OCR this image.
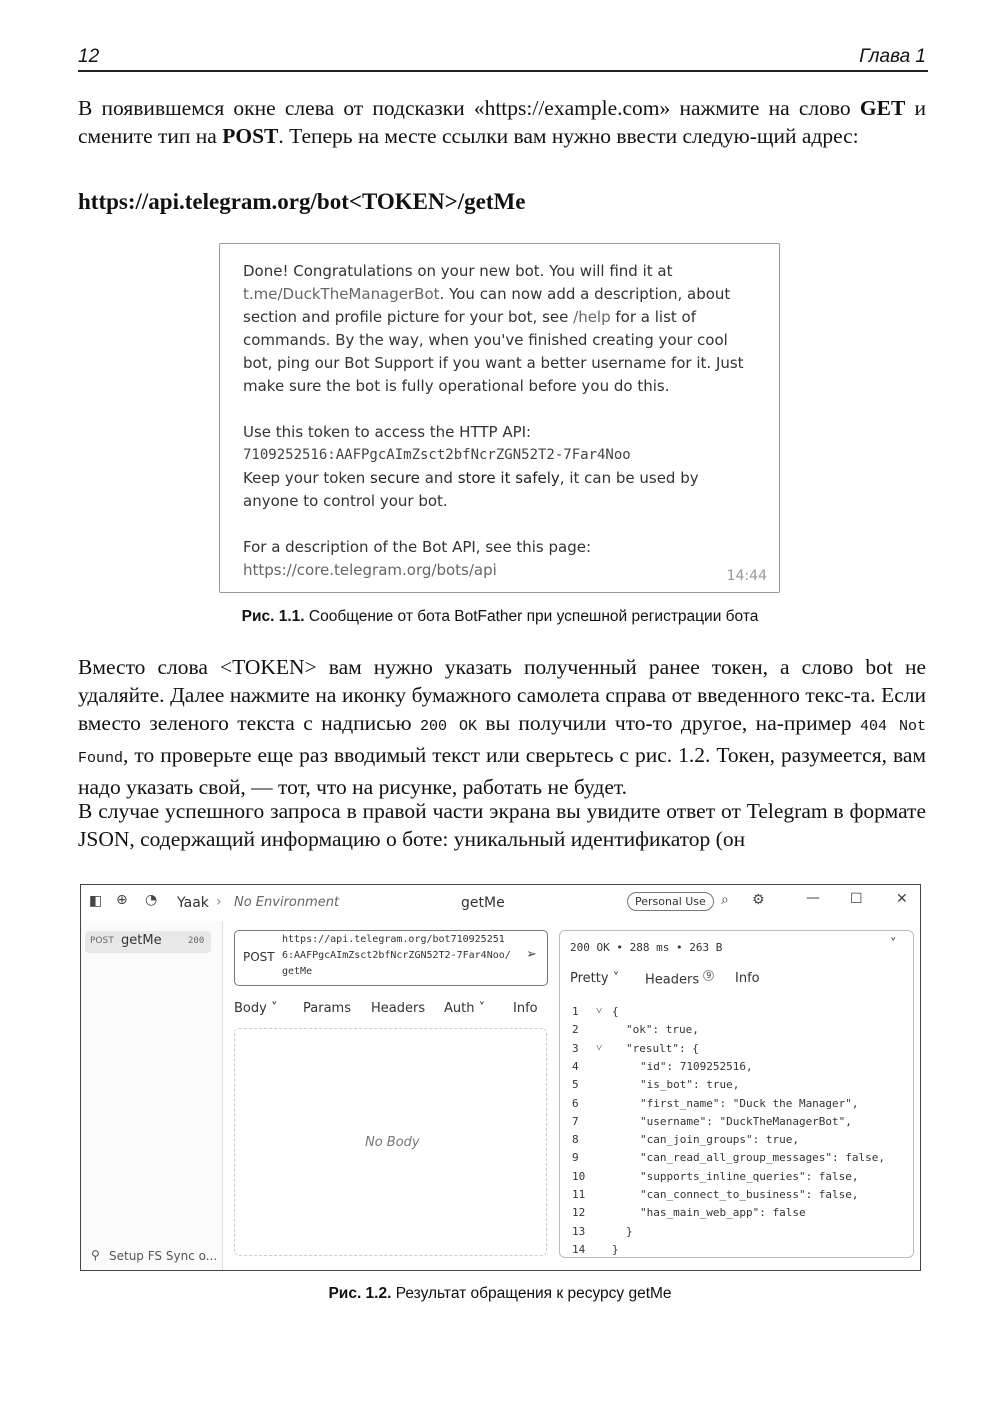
12	Глава 1

В появившемся окне слева от подсказки «https://example.com» нажмите на слово GET и смените тип на POST. Теперь на месте ссылки вам нужно ввести следую-щий адрес:

https://api.telegram.org/bot<TOKEN>/getMe
Done! Congratulations on your new bot. You will find it at
t.me/DuckTheManagerBot. You can now add a description, about
section and profile picture for your bot, see /help for a list of
commands. By the way, when you've finished creating your cool
bot, ping our Bot Support if you want a better username for it. Just
make sure the bot is fully operational before you do this.
Use this token to access the HTTP API:
7109252516:AAFPgcAImZsct2bfNcrZGN52T2-7Far4Noo
Keep your token secure and store it safely, it can be used by
anyone to control your bot.
For a description of the Bot API, see this page:
https://core.telegram.org/bots/api	14:44
Рис. 1.1. Сообщение от бота BotFather при успешной регистрации бота

Вместо слова <TOKEN> вам нужно указать полученный ранее токен, а слово bot не удаляйте. Далее нажмите на иконку бумажного самолета справа от введенного текс-та. Если вместо зеленого текста с надписью 200 OK вы получили что-то другое, на-пример 404 Not Found, то проверьте еще раз вводимый текст или сверьтесь с рис. 1.2. Токен, разумеется, вам надо указать свой, — тот, что на рисунке, работать не будет.

В случае успешного запроса в правой части экрана вы увидите ответ от Telegram в формате JSON, содержащий информацию о боте: уникальный идентификатор (он

◧ ⊕ ◔ Yaak › No Environment	getMe	Personal Use	⌕ ⚙	— ☐ ✕
POST getMe	200
⚲ Setup FS Sync o...
POST
https://api.telegram.org/bot710925251
6:AAFPgcAImZsct2bfNcrZGN52T2-7Far4Noo/
getMe
➢
Body ˅ Params Headers Auth ˅ Info
No Body
200 OK • 288 ms • 263 B	˅
Pretty ˅ Headers $^9$ Info
1 ˅ {
2	"ok": true,
3 ˅ "result": {
4	"id": 7109252516,
5	"is_bot": true,
6	"first_name": "Duck the Manager",
7	"username": "DuckTheManagerBot",
8	"can_join_groups": true,
9	"can_read_all_group_messages": false,
10	"supports_inline_queries": false,
11	"can_connect_to_business": false,
12	"has_main_web_app": false
13	}
14 }
Рис. 1.2. Результат обращения к ресурсу getMe
